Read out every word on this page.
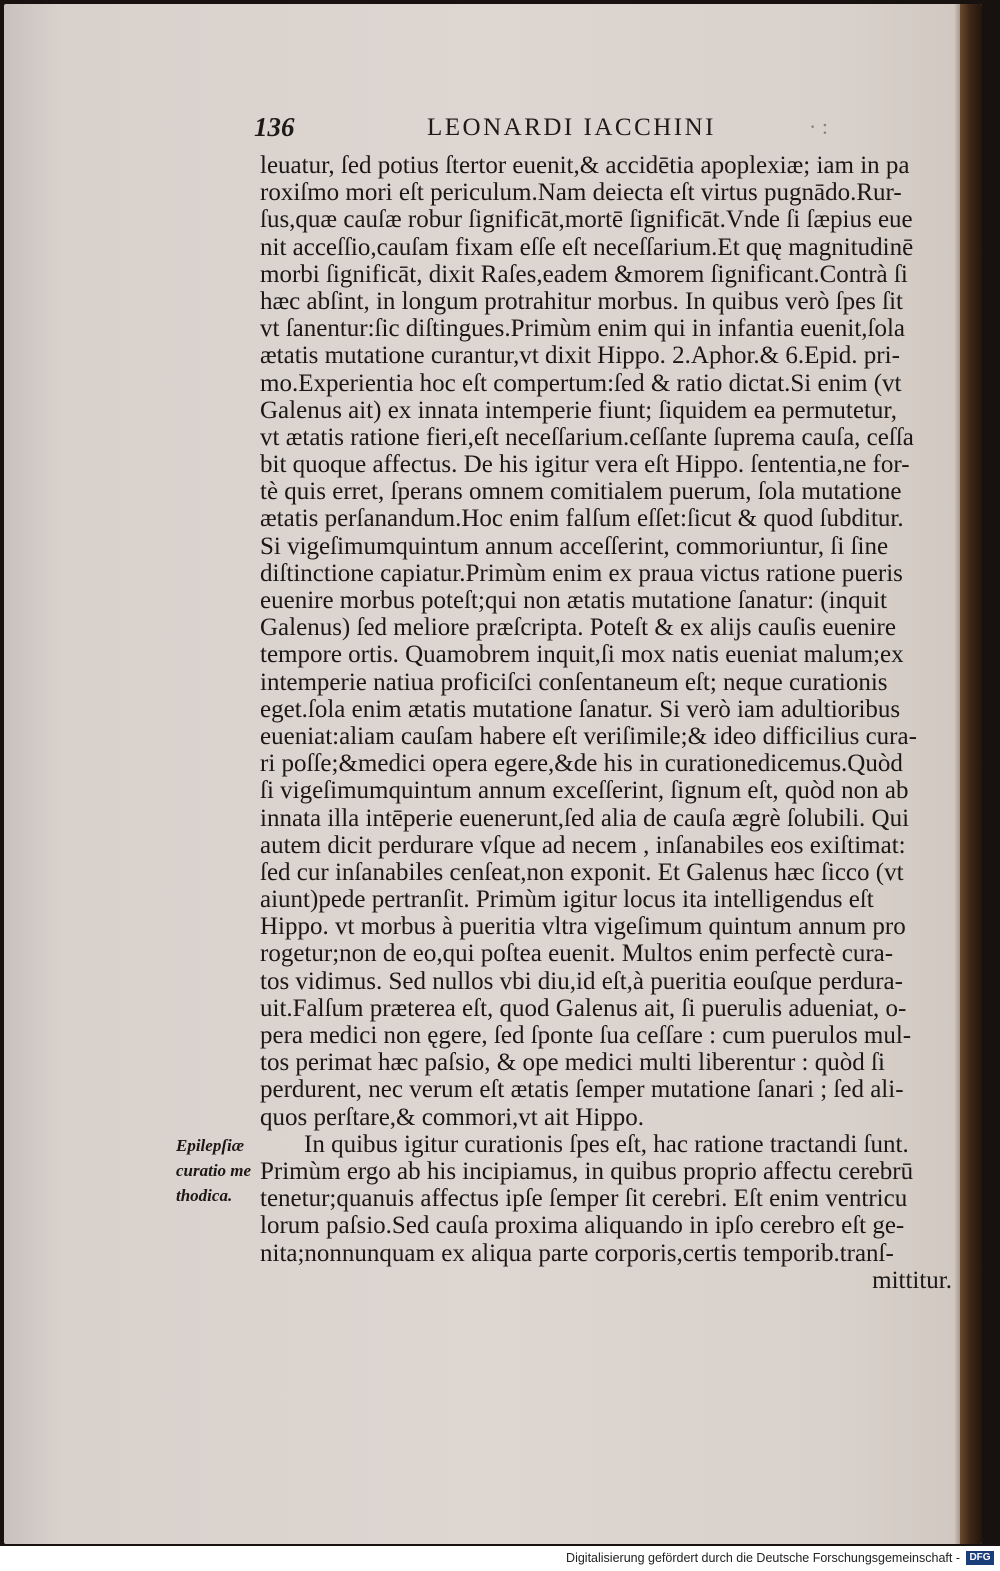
136	LEONARDI IACCHINI	· :
leuatur, ſed potius ſtertor euenit,& accidētia apoplexiæ; iam in pa
roxiſmo mori eſt periculum.Nam deiecta eſt virtus pugnādo.Rur-
ſus,quæ cauſæ robur ſignificāt,mortē ſignificāt.Vnde ſi ſæpius eue
nit acceſſio,cauſam fixam eſſe eſt neceſſarium.Et quę magnitudinē
morbi ſignificāt, dixit Raſes,eadem &morem ſignificant.Contrà ſi
hæc abſint, in longum protrahitur morbus. In quibus verò ſpes ſit
vt ſanentur:ſic diſtingues.Primùm enim qui in infantia euenit,ſola
ætatis mutatione curantur,vt dixit Hippo. 2.Aphor.& 6.Epid. pri-
mo.Experientia hoc eſt compertum:ſed & ratio dictat.Si enim (vt
Galenus ait) ex innata intemperie fiunt; ſiquidem ea permutetur,
vt ætatis ratione fieri,eſt neceſſarium.ceſſante ſuprema cauſa, ceſſa
bit quoque affectus. De his igitur vera eſt Hippo. ſententia,ne for-
tè quis erret, ſperans omnem comitialem puerum, ſola mutatione
ætatis perſanandum.Hoc enim falſum eſſet:ſicut & quod ſubditur.
Si vigeſimumquintum annum acceſſerint, commoriuntur, ſi ſine
diſtinctione capiatur.Primùm enim ex praua victus ratione pueris
euenire morbus poteſt;qui non ætatis mutatione ſanatur: (inquit
Galenus) ſed meliore præſcripta. Poteſt & ex alijs cauſis euenire
tempore ortis. Quamobrem inquit,ſi mox natis eueniat malum;ex
intemperie natiua proficiſci conſentaneum eſt; neque curationis
eget.ſola enim ætatis mutatione ſanatur. Si verò iam adultioribus
eueniat:aliam cauſam habere eſt veriſimile;& ideo difficilius cura-
ri poſſe;&medici opera egere,&de his in curationedicemus.Quòd
ſi vigeſimumquintum annum exceſſerint, ſignum eſt, quòd non ab
innata illa intēperie euenerunt,ſed alia de cauſa ægrè ſolubili. Qui
autem dicit perdurare vſque ad necem , inſanabiles eos exiſtimat:
ſed cur inſanabiles cenſeat,non exponit. Et Galenus hæc ſicco (vt
aiunt)pede pertranſit. Primùm igitur locus ita intelligendus eſt
Hippo. vt morbus à pueritia vltra vigeſimum quintum annum pro
rogetur;non de eo,qui poſtea euenit. Multos enim perfectè cura-
tos vidimus. Sed nullos vbi diu,id eſt,à pueritia eouſque perdura-
uit.Falſum præterea eſt, quod Galenus ait, ſi puerulis adueniat, o-
pera medici non ęgere, ſed ſponte ſua ceſſare : cum puerulos mul-
tos perimat hæc paſsio, & ope medici multi liberentur : quòd ſi
perdurent, nec verum eſt ætatis ſemper mutatione ſanari ; ſed ali-
quos perſtare,& commori,vt ait Hippo.
In quibus igitur curationis ſpes eſt, hac ratione tractandi ſunt.
Primùm ergo ab his incipiamus, in quibus proprio affectu cerebrū
tenetur;quanuis affectus ipſe ſemper ſit cerebri. Eſt enim ventricu
lorum paſsio.Sed cauſa proxima aliquando in ipſo cerebro eſt ge-
nita;nonnunquam ex aliqua parte corporis,certis temporib.tranſ-
mittitur.
Epilepſiæ
curatio me
thodica.
Digitalisierung gefördert durch die Deutsche Forschungsgemeinschaft - DFG
